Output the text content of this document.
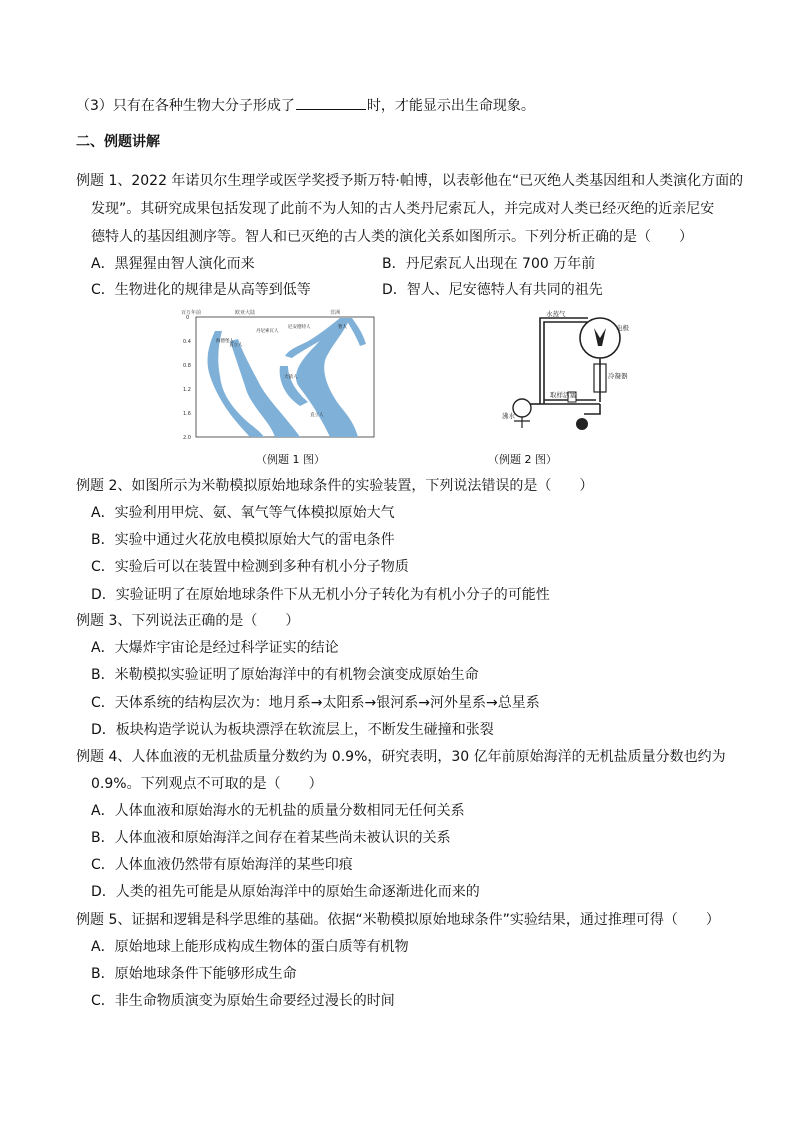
（3）只有在各种生物大分子形成了	时，才能显示出生命现象。
二、例题讲解
例题 1、2022 年诺贝尔生理学或医学奖授予斯万特·帕博，以表彰他在“已灭绝人类基因组和人类演化方面的
发现”。其研究成果包括发现了此前不为人知的古人类丹尼索瓦人，并完成对人类已经灭绝的近亲尼安
德特人的基因组测序等。智人和已灭绝的古人类的演化关系如图所示。下列分析正确的是（　　）
A．黑猩猩由智人演化而来	B．丹尼索瓦人出现在 700 万年前
C．生物进化的规律是从高等到低等	D．智人、尼安德特人有共同的祖先
百万年前	欧亚大陆	非洲
0
0.4
0.8
1.2
1.6
2.0
尼安德特人
丹尼索瓦人
海德堡人
直立人
智人
大猿人
直立人
（例题 1 图）
水蒸气
电极
冷凝器
取样活塞
沸水
（例题 2 图）
例题 2、如图所示为米勒模拟原始地球条件的实验装置，下列说法错误的是（　　）
A．实验利用甲烷、氨、氧气等气体模拟原始大气
B．实验中通过火花放电模拟原始大气的雷电条件
C．实验后可以在装置中检测到多种有机小分子物质
D．实验证明了在原始地球条件下从无机小分子转化为有机小分子的可能性
例题 3、下列说法正确的是（　　）
A．大爆炸宇宙论是经过科学证实的结论
B．米勒模拟实验证明了原始海洋中的有机物会演变成原始生命
C．天体系统的结构层次为：地月系→太阳系→银河系→河外星系→总星系
D．板块构造学说认为板块漂浮在软流层上，不断发生碰撞和张裂
例题 4、人体血液的无机盐质量分数约为 0.9%，研究表明，30 亿年前原始海洋的无机盐质量分数也约为
0.9%。下列观点不可取的是（　　）
A．人体血液和原始海水的无机盐的质量分数相同无任何关系
B．人体血液和原始海洋之间存在着某些尚未被认识的关系
C．人体血液仍然带有原始海洋的某些印痕
D．人类的祖先可能是从原始海洋中的原始生命逐渐进化而来的
例题 5、证据和逻辑是科学思维的基础。依据“米勒模拟原始地球条件”实验结果，通过推理可得（　　）
A．原始地球上能形成构成生物体的蛋白质等有机物
B．原始地球条件下能够形成生命
C．非生命物质演变为原始生命要经过漫长的时间
